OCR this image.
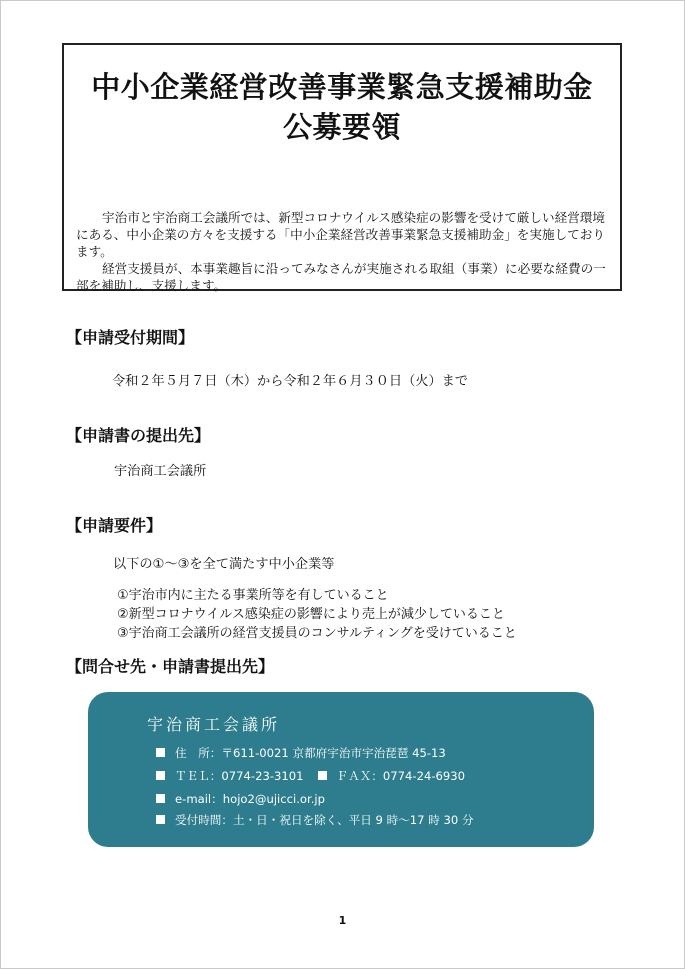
中小企業経営改善事業緊急支援補助金
公募要領

宇治市と宇治商工会議所では、新型コロナウイルス感染症の影響を受けて厳しい経営環境にある、中小企業の方々を支援する「中小企業経営改善事業緊急支援補助金」を実施しております。

経営支援員が、本事業趣旨に沿ってみなさんが実施される取組（事業）に必要な経費の一部を補助し、支援します。

【申請受付期間】
令和２年５月７日（木）から令和２年６月３０日（火）まで
【申請書の提出先】
宇治商工会議所
【申請要件】
以下の①～③を全て満たす中小企業等
①宇治市内に主たる事業所等を有していること
②新型コロナウイルス感染症の影響により売上が減少していること
③宇治商工会議所の経営支援員のコンサルティングを受けていること
【問合せ先・申請書提出先】
宇治商工会議所
住　所：〒611-0021 京都府宇治市宇治琵琶 45-13
ＴＥＬ：0774-23-3101	ＦＡＸ：0774-24-6930
e-mail：hojo2@ujicci.or.jp
受付時間：土・日・祝日を除く、平日 9 時～17 時 30 分
1
